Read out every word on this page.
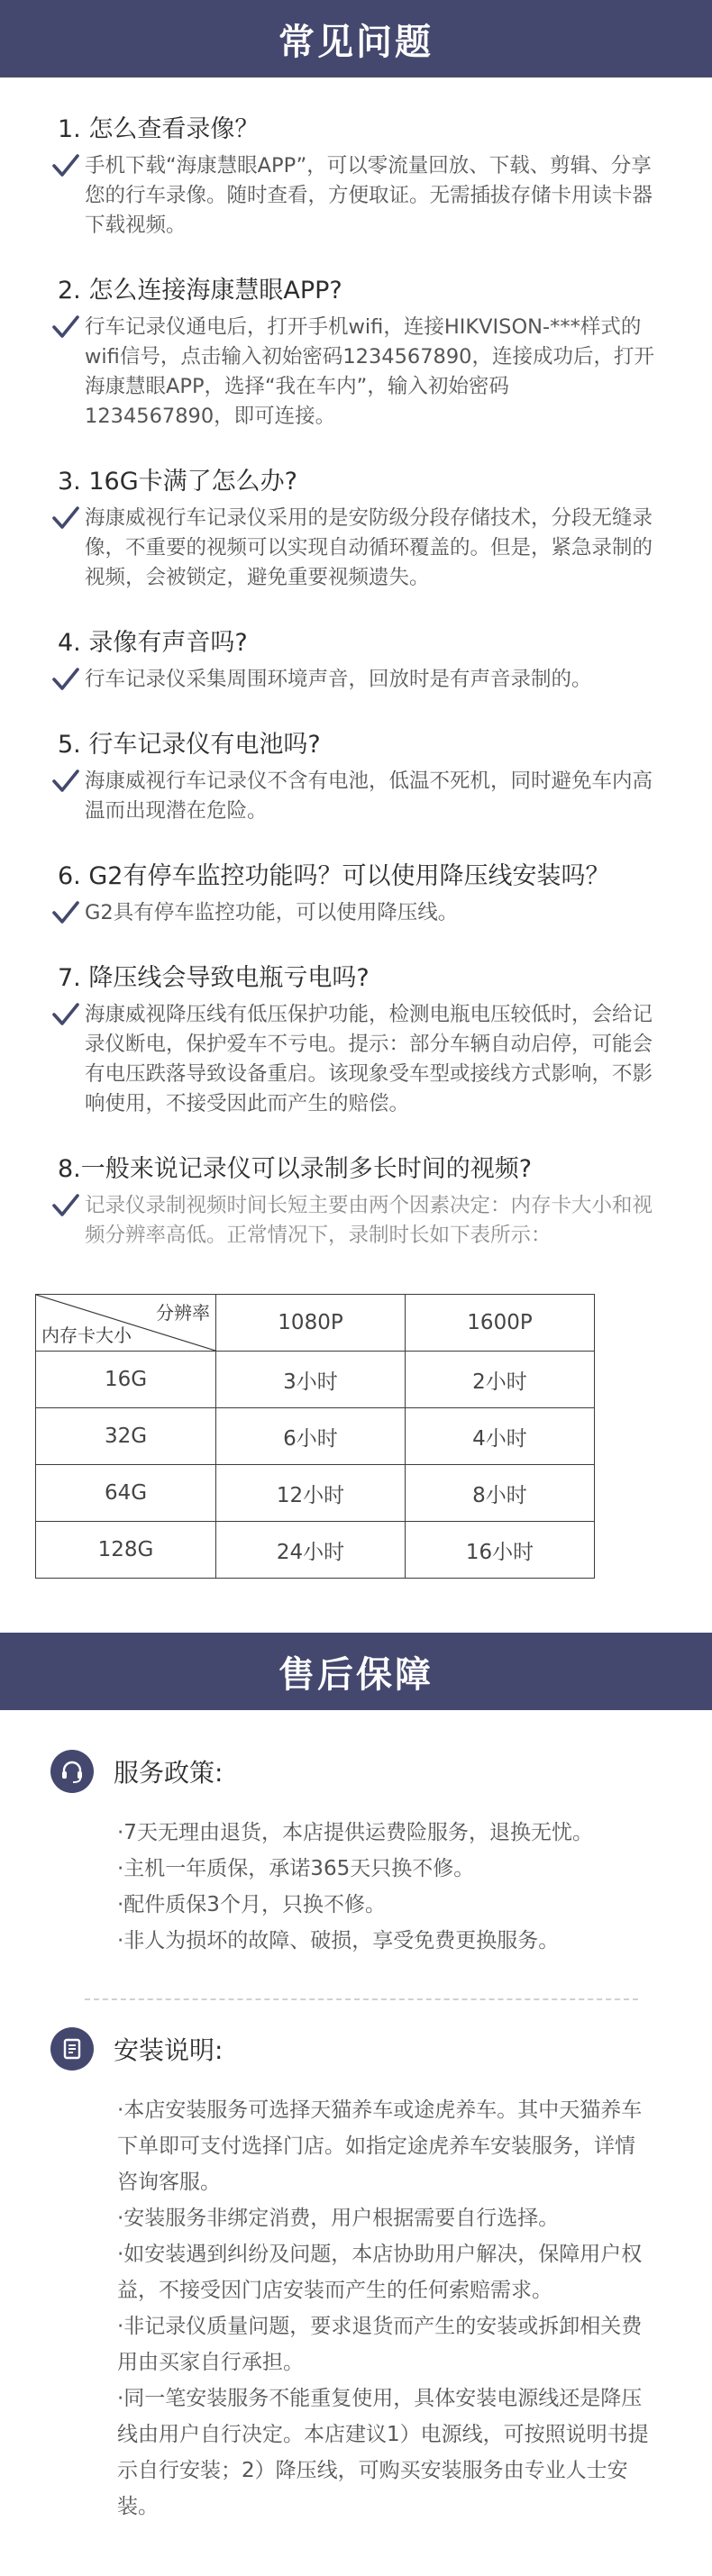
常见问题
1. 怎么查看录像？

手机下载“海康慧眼APP”，可以零流量回放、下载、剪辑、分享您的行车录像。随时查看，方便取证。无需插拔存储卡用读卡器下载视频。

2. 怎么连接海康慧眼APP?

行车记录仪通电后，打开手机wifi，连接HIKVISON-***样式的wifi信号，点击输入初始密码1234567890，连接成功后，打开海康慧眼APP，选择“我在车内”，输入初始密码1234567890，即可连接。

3. 16G卡满了怎么办?

海康威视行车记录仪采用的是安防级分段存储技术，分段无缝录像，不重要的视频可以实现自动循环覆盖的。但是，紧急录制的视频，会被锁定，避免重要视频遗失。

4. 录像有声音吗?

行车记录仪采集周围环境声音，回放时是有声音录制的。

5. 行车记录仪有电池吗?

海康威视行车记录仪不含有电池，低温不死机，同时避免车内高温而出现潜在危险。

6. G2有停车监控功能吗？可以使用降压线安装吗？

G2具有停车监控功能，可以使用降压线。

7. 降压线会导致电瓶亏电吗?

海康威视降压线有低压保护功能，检测电瓶电压较低时，会给记录仪断电，保护爱车不亏电。提示：部分车辆自动启停，可能会有电压跌落导致设备重启。该现象受车型或接线方式影响，不影响使用，不接受因此而产生的赔偿。

8.一般来说记录仪可以录制多长时间的视频?

记录仪录制视频时间长短主要由两个因素决定：内存卡大小和视频分辨率高低。正常情况下，录制时长如下表所示：

分辨率
内存卡大小	1080P	1600P
16G	3小时	2小时
32G	6小时	4小时
64G	12小时	8小时
128G	24小时	16小时
售后保障
服务政策:

·7天无理由退货，本店提供运费险服务，退换无忧。

·主机一年质保，承诺365天只换不修。

·配件质保3个月，只换不修。

·非人为损坏的故障、破损，享受免费更换服务。

安装说明:

·本店安装服务可选择天猫养车或途虎养车。其中天猫养车下单即可支付选择门店。如指定途虎养车安装服务，详情咨询客服。

·安装服务非绑定消费，用户根据需要自行选择。

·如安装遇到纠纷及问题，本店协助用户解决，保障用户权益，不接受因门店安装而产生的任何索赔需求。

·非记录仪质量问题，要求退货而产生的安装或拆卸相关费用由买家自行承担。

·同一笔安装服务不能重复使用，具体安装电源线还是降压线由用户自行决定。本店建议1）电源线，可按照说明书提示自行安装；2）降压线，可购买安装服务由专业人士安装。
